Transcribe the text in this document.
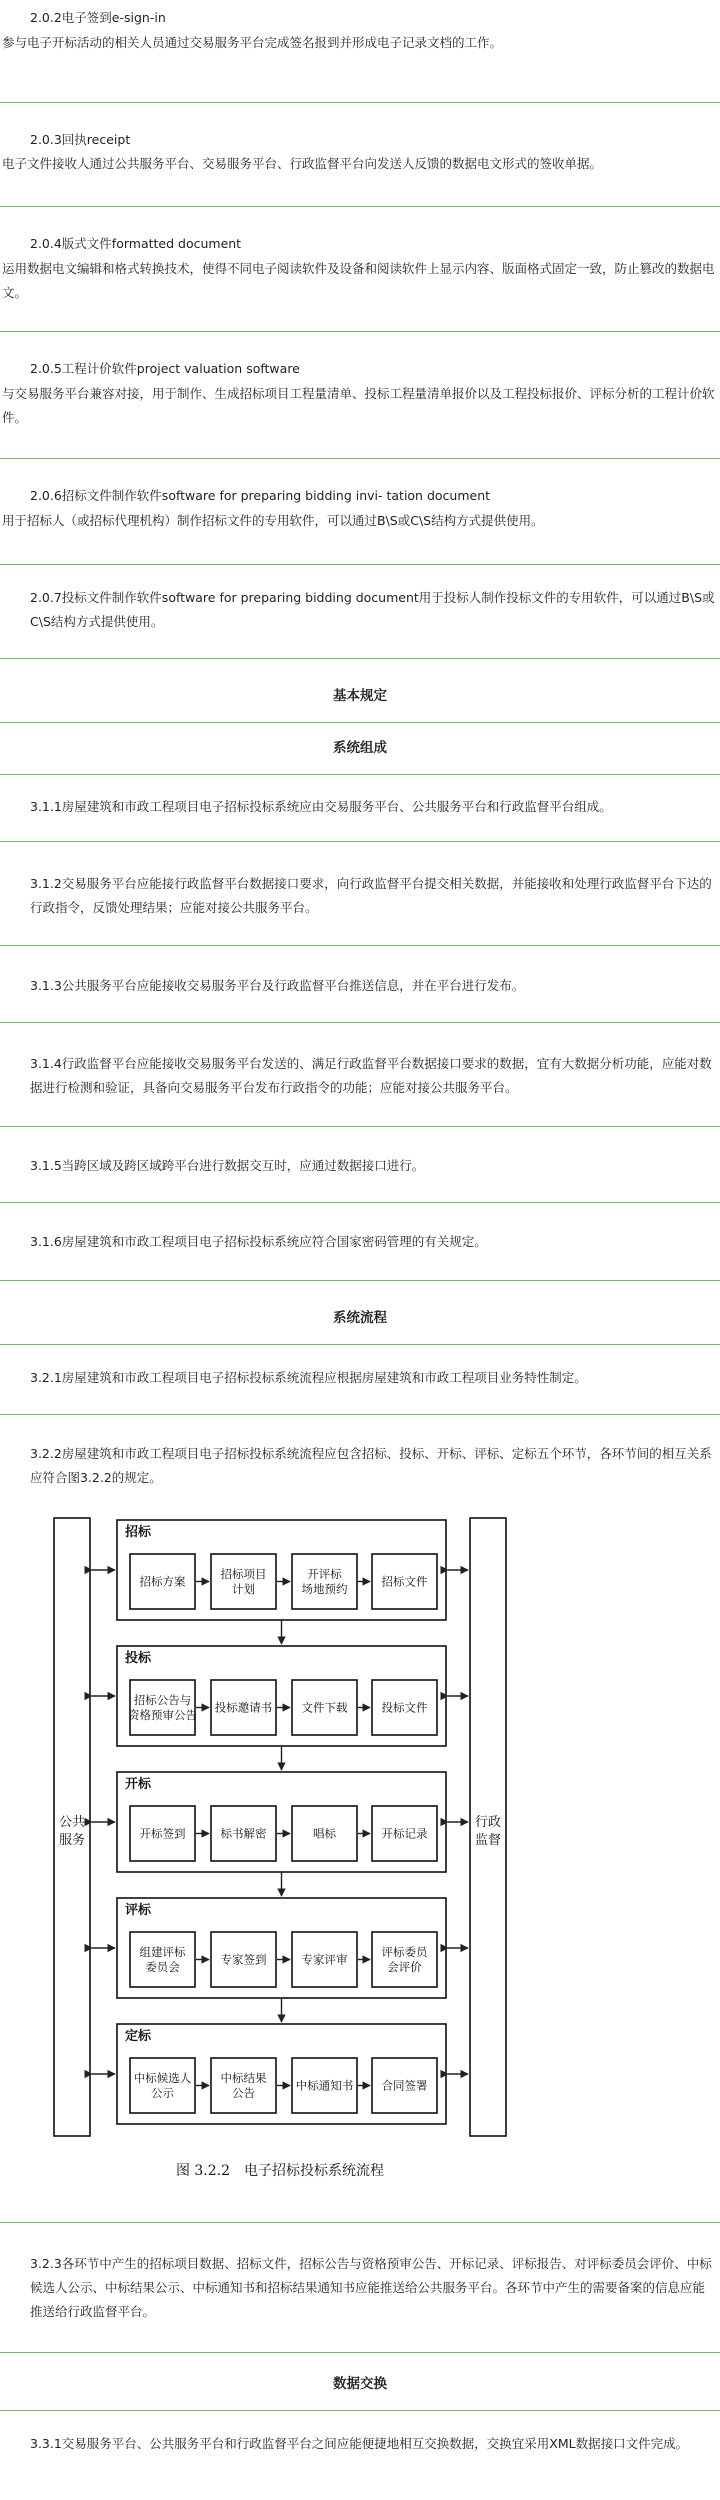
2.0.2电子签到e-sign-in
参与电子开标活动的相关人员通过交易服务平台完成签名报到并形成电子记录文档的工作。
2.0.3回执receipt
电子文件接收人通过公共服务平台、交易服务平台、行政监督平台向发送人反馈的数据电文形式的签收单据。
2.0.4版式文件formatted document
运用数据电文编辑和格式转换技术，使得不同电子阅读软件及设备和阅读软件上显示内容、版面格式固定一致，防止篡改的数据电文。
2.0.5工程计价软件project valuation software
与交易服务平台兼容对接，用于制作、生成招标项目工程量清单、投标工程量清单报价以及工程投标报价、评标分析的工程计价软件。
2.0.6招标文件制作软件software for preparing bidding invi- tation document
用于招标人（或招标代理机构）制作招标文件的专用软件，可以通过B\S或C\S结构方式提供使用。
2.0.7投标文件制作软件software for preparing bidding document用于投标人制作投标文件的专用软件，可以通过B\S或C\S结构方式提供使用。
基本规定
系统组成
3.1.1房屋建筑和市政工程项目电子招标投标系统应由交易服务平台、公共服务平台和行政监督平台组成。
3.1.2交易服务平台应能接行政监督平台数据接口要求，向行政监督平台提交相关数据，并能接收和处理行政监督平台下达的行政指令，反馈处理结果；应能对接公共服务平台。
3.1.3公共服务平台应能接收交易服务平台及行政监督平台推送信息，并在平台进行发布。
3.1.4行政监督平台应能接收交易服务平台发送的、满足行政监督平台数据接口要求的数据，宜有大数据分析功能，应能对数据进行检测和验证，具备向交易服务平台发布行政指令的功能；应能对接公共服务平台。
3.1.5当跨区域及跨区域跨平台进行数据交互时，应通过数据接口进行。
3.1.6房屋建筑和市政工程项目电子招标投标系统应符合国家密码管理的有关规定。
系统流程
3.2.1房屋建筑和市政工程项目电子招标投标系统流程应根据房屋建筑和市政工程项目业务特性制定。
3.2.2房屋建筑和市政工程项目电子招标投标系统流程应包含招标、投标、开标、评标、定标五个环节，各环节间的相互关系应符合图3.2.2的规定。
公共
服务
行政
监督
招标
招标方案
招标项目
计划
开评标
场地预约
招标文件
投标
招标公告与
资格预审公告
投标邀请书	文件下载	投标文件
开标
开标签到	标书解密	唱标	开标记录
评标
组建评标
委员会
专家签到	专家评审
评标委员
会评价
定标
中标候选人
公示
中标结果
公告
中标通知书 合同签署
图 3.2.2　电子招标投标系统流程
3.2.3各环节中产生的招标项目数据、招标文件，招标公告与资格预审公告、开标记录、评标报告、对评标委员会评价、中标候选人公示、中标结果公示、中标通知书和招标结果通知书应能推送给公共服务平台。各环节中产生的需要备案的信息应能推送给行政监督平台。
数据交换
3.3.1交易服务平台、公共服务平台和行政监督平台之间应能便捷地相互交换数据，交换宜采用XML数据接口文件完成。
